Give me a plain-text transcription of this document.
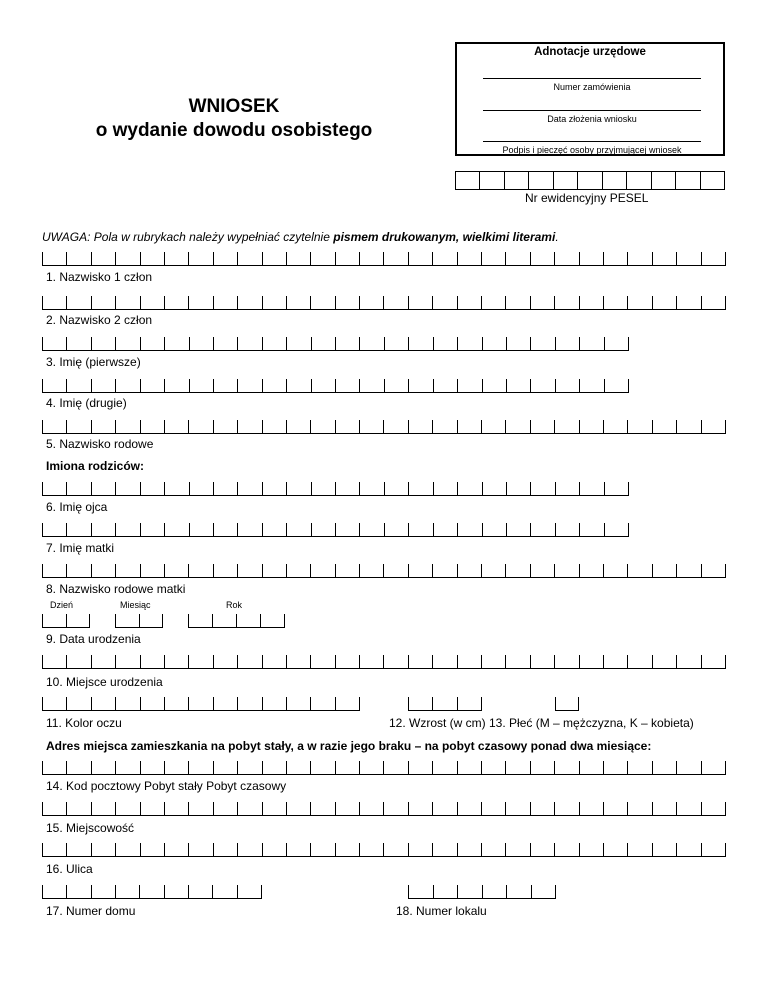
Adnotacje urzędowe
Numer zamówienia
Data złożenia wniosku
Podpis i pieczęć osoby przyjmującej wniosek
WNIOSEK
o wydanie dowodu osobistego
Nr ewidencyjny PESEL
UWAGA: Pola w rubrykach należy wypełniać czytelnie pismem drukowanym, wielkimi literami.
1. Nazwisko 1 człon
2. Nazwisko 2 człon
3. Imię (pierwsze)
4. Imię (drugie)
5. Nazwisko rodowe
Imiona rodziców:
6. Imię ojca
7. Imię matki
8. Nazwisko rodowe matki
Dzień	Miesiąc	Rok
9. Data urodzenia
10. Miejsce urodzenia
11. Kolor oczu	12. Wzrost (w cm) 13. Płeć (M – mężczyzna, K – kobieta)
Adres miejsca zamieszkania na pobyt stały, a w razie jego braku – na pobyt czasowy ponad dwa miesiące:
14. Kod pocztowy Pobyt stały Pobyt czasowy
15. Miejscowość
16. Ulica
17. Numer domu	18. Numer lokalu
